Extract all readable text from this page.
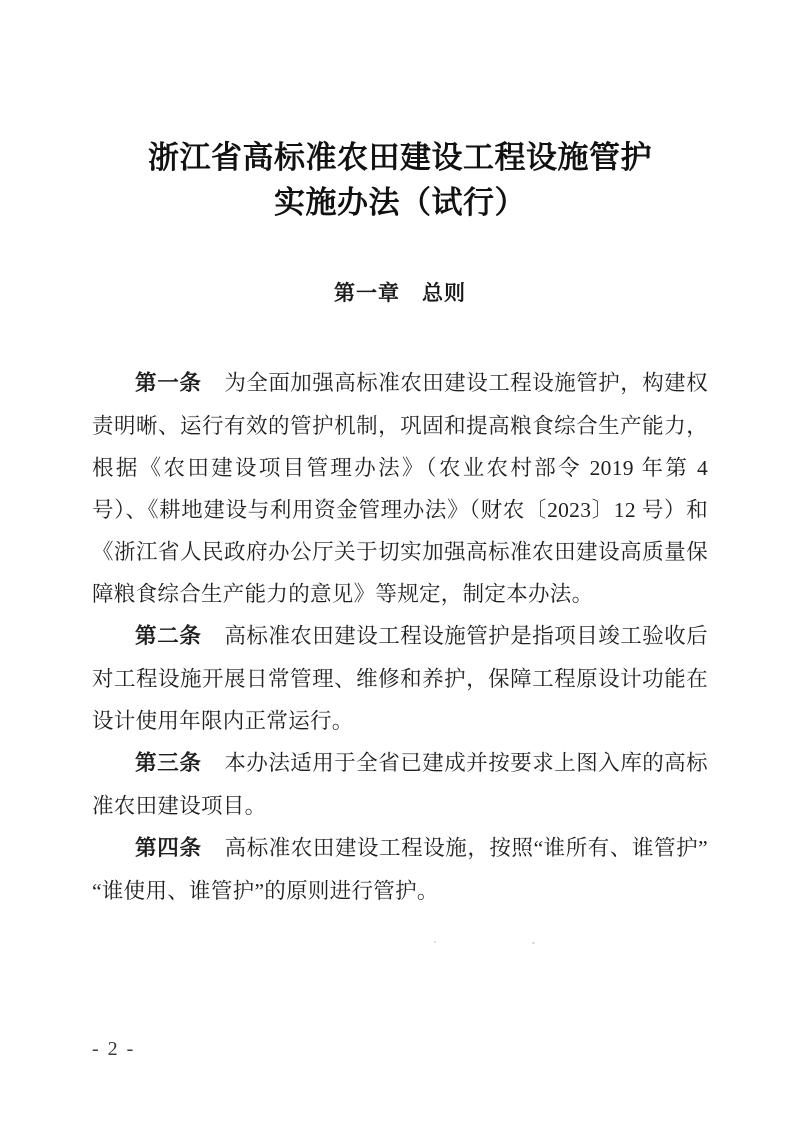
浙江省高标准农田建设工程设施管护
实施办法（试行）
第一章　总则

第一条 为全面加强高标准农田建设工程设施管护，构建权责明晰、运行有效的管护机制，巩固和提高粮食综合生产能力，根据《农田建设项目管理办法》（农业农村部令 2019 年第 4 号）、《耕地建设与利用资金管理办法》（财农〔2023〕12 号）和《浙江省人民政府办公厅关于切实加强高标准农田建设高质量保障粮食综合生产能力的意见》等规定，制定本办法。

第二条 高标准农田建设工程设施管护是指项目竣工验收后对工程设施开展日常管理、维修和养护，保障工程原设计功能在设计使用年限内正常运行。

第三条 本办法适用于全省已建成并按要求上图入库的高标准农田建设项目。

第四条 高标准农田建设工程设施，按照“谁所有、谁管护”“谁使用、谁管护”的原则进行管护。

- 2 -
